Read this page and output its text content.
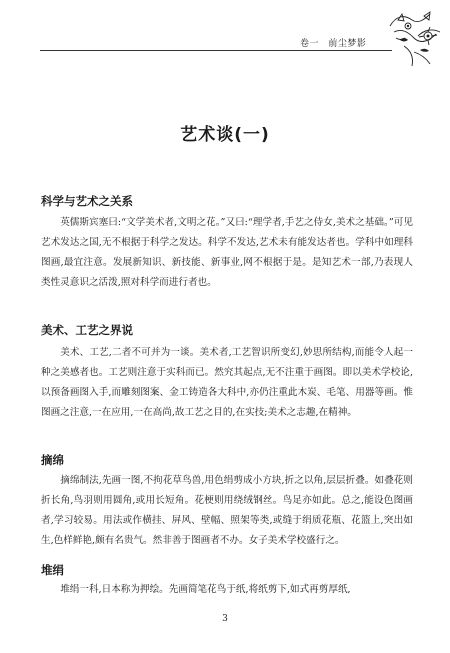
卷一 前尘梦影
艺术谈(一)
科学与艺术之关系

英儒斯宾塞曰:“文学美术者,文明之花。”又曰:“理学者,手艺之侍女,美术之基础。”可见艺术发达之国,无不根据于科学之发达。科学不发达,艺术未有能发达者也。学科中如理科图画,最宜注意。发展新知识、新技能、新事业,网不根据于是。是知艺术一部,乃表现人类性灵意识之活泼,照对科学而进行者也。

美术、工艺之界说

美术、工艺,二者不可并为一谈。美术者,工艺智识所变幻,妙思所结构,而能令人起一种之美感者也。工艺则注意于实科而已。然究其起点,无不注重于画图。即以美术学校论,以预备画图入手,而雕刻图案、金工铸造各大科中,亦仍注重此木炭、毛笔、用器等画。惟图画之注意,一在应用,一在高尚,故工艺之目的,在实技;美术之志趣,在精神。

摘绵

摘绵制法,先画一图,不拘花草鸟兽,用色绢剪成小方块,折之以角,层层折叠。如叠花则折长角,鸟羽则用圆角,或用长短角。花梗则用绕绒钢丝。鸟足亦如此。总之,能设色图画者,学习较易。用法或作横挂、屏风、壁幅、照架等类,或缝于绢质花瓶、花篮上,突出如生,色样鲜艳,颇有名贵气。然非善于图画者不办。女子美术学校盛行之。

堆绢

堆绢一科,日本称为押绘。先画简笔花鸟于纸,将纸剪下,如式再剪厚纸,

3
